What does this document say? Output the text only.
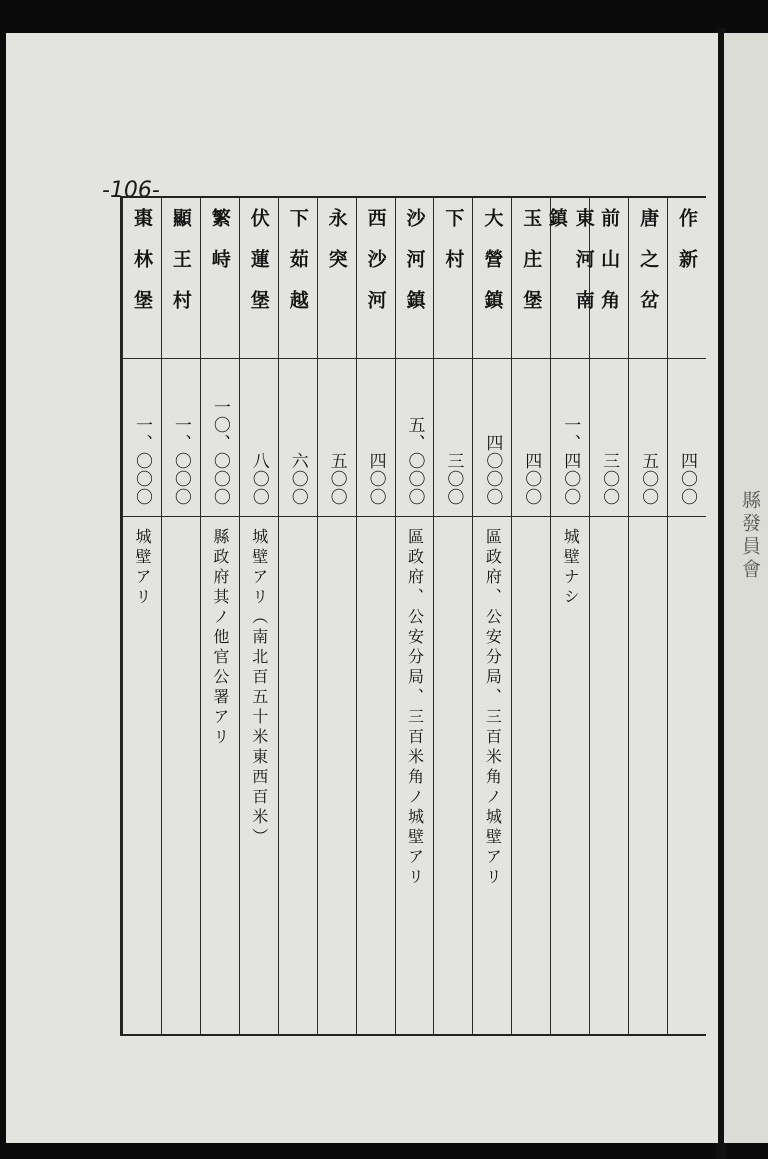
-106-
縣發員會
作新
四〇〇
唐之岔
五〇〇
前山角
三〇〇
東河南鎮
一、四〇〇
城壁ナシ
玉庄堡
四〇〇
大營鎮
四〇〇〇
區政府、公安分局、三百米角ノ城壁アリ
下村
三〇〇
沙河鎮
五、〇〇〇
區政府、公安分局、三百米角ノ城壁アリ
西沙河
四〇〇
永突
五〇〇
下茹越
六〇〇
伏蓮堡
八〇〇
城壁アリ（南北百五十米東西百米）
繁峙
一〇、〇〇〇
縣政府其ノ他官公署アリ
顯王村
一、〇〇〇
棗林堡
一、〇〇〇
城壁アリ
